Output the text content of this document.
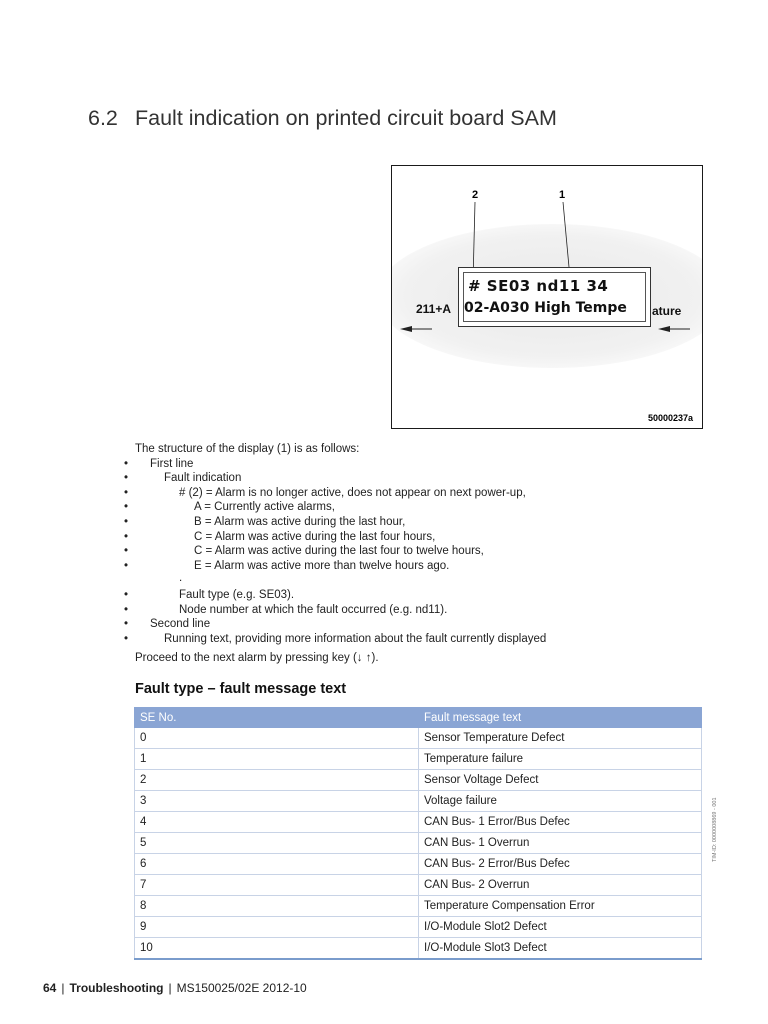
6.2 Fault indication on printed circuit board SAM
2	1
# SE03 nd11 34
02-A030 High Tempe
211+A	ature
50000237a

The structure of the display (1) is as follows:

• First line

• Fault indication

• # (2) = Alarm is no longer active, does not appear on next power-up,

• A = Currently active alarms,

• B = Alarm was active during the last hour,

• C = Alarm was active during the last four hours,

• C = Alarm was active during the last four to twelve hours,

• E = Alarm was active more than twelve hours ago.

.

• Fault type (e.g. SE03).

• Node number at which the fault occurred (e.g. nd11).

• Second line

• Running text, providing more information about the fault currently displayed

Proceed to the next alarm by pressing key (↓ ↑).

Fault type – fault message text
SE No.	Fault message text
0	Sensor Temperature Defect
1	Temperature failure
2	Sensor Voltage Defect
3	Voltage failure
4	CAN Bus- 1 Error/Bus Defec
5	CAN Bus- 1 Overrun
6	CAN Bus- 2 Error/Bus Defec
7	CAN Bus- 2 Overrun
8	Temperature Compensation Error
9	I/O-Module Slot2 Defect
10	I/O-Module Slot3 Defect
TIM-ID: 0000008869 - 001
64 | Troubleshooting | MS150025/02E 2012-10
